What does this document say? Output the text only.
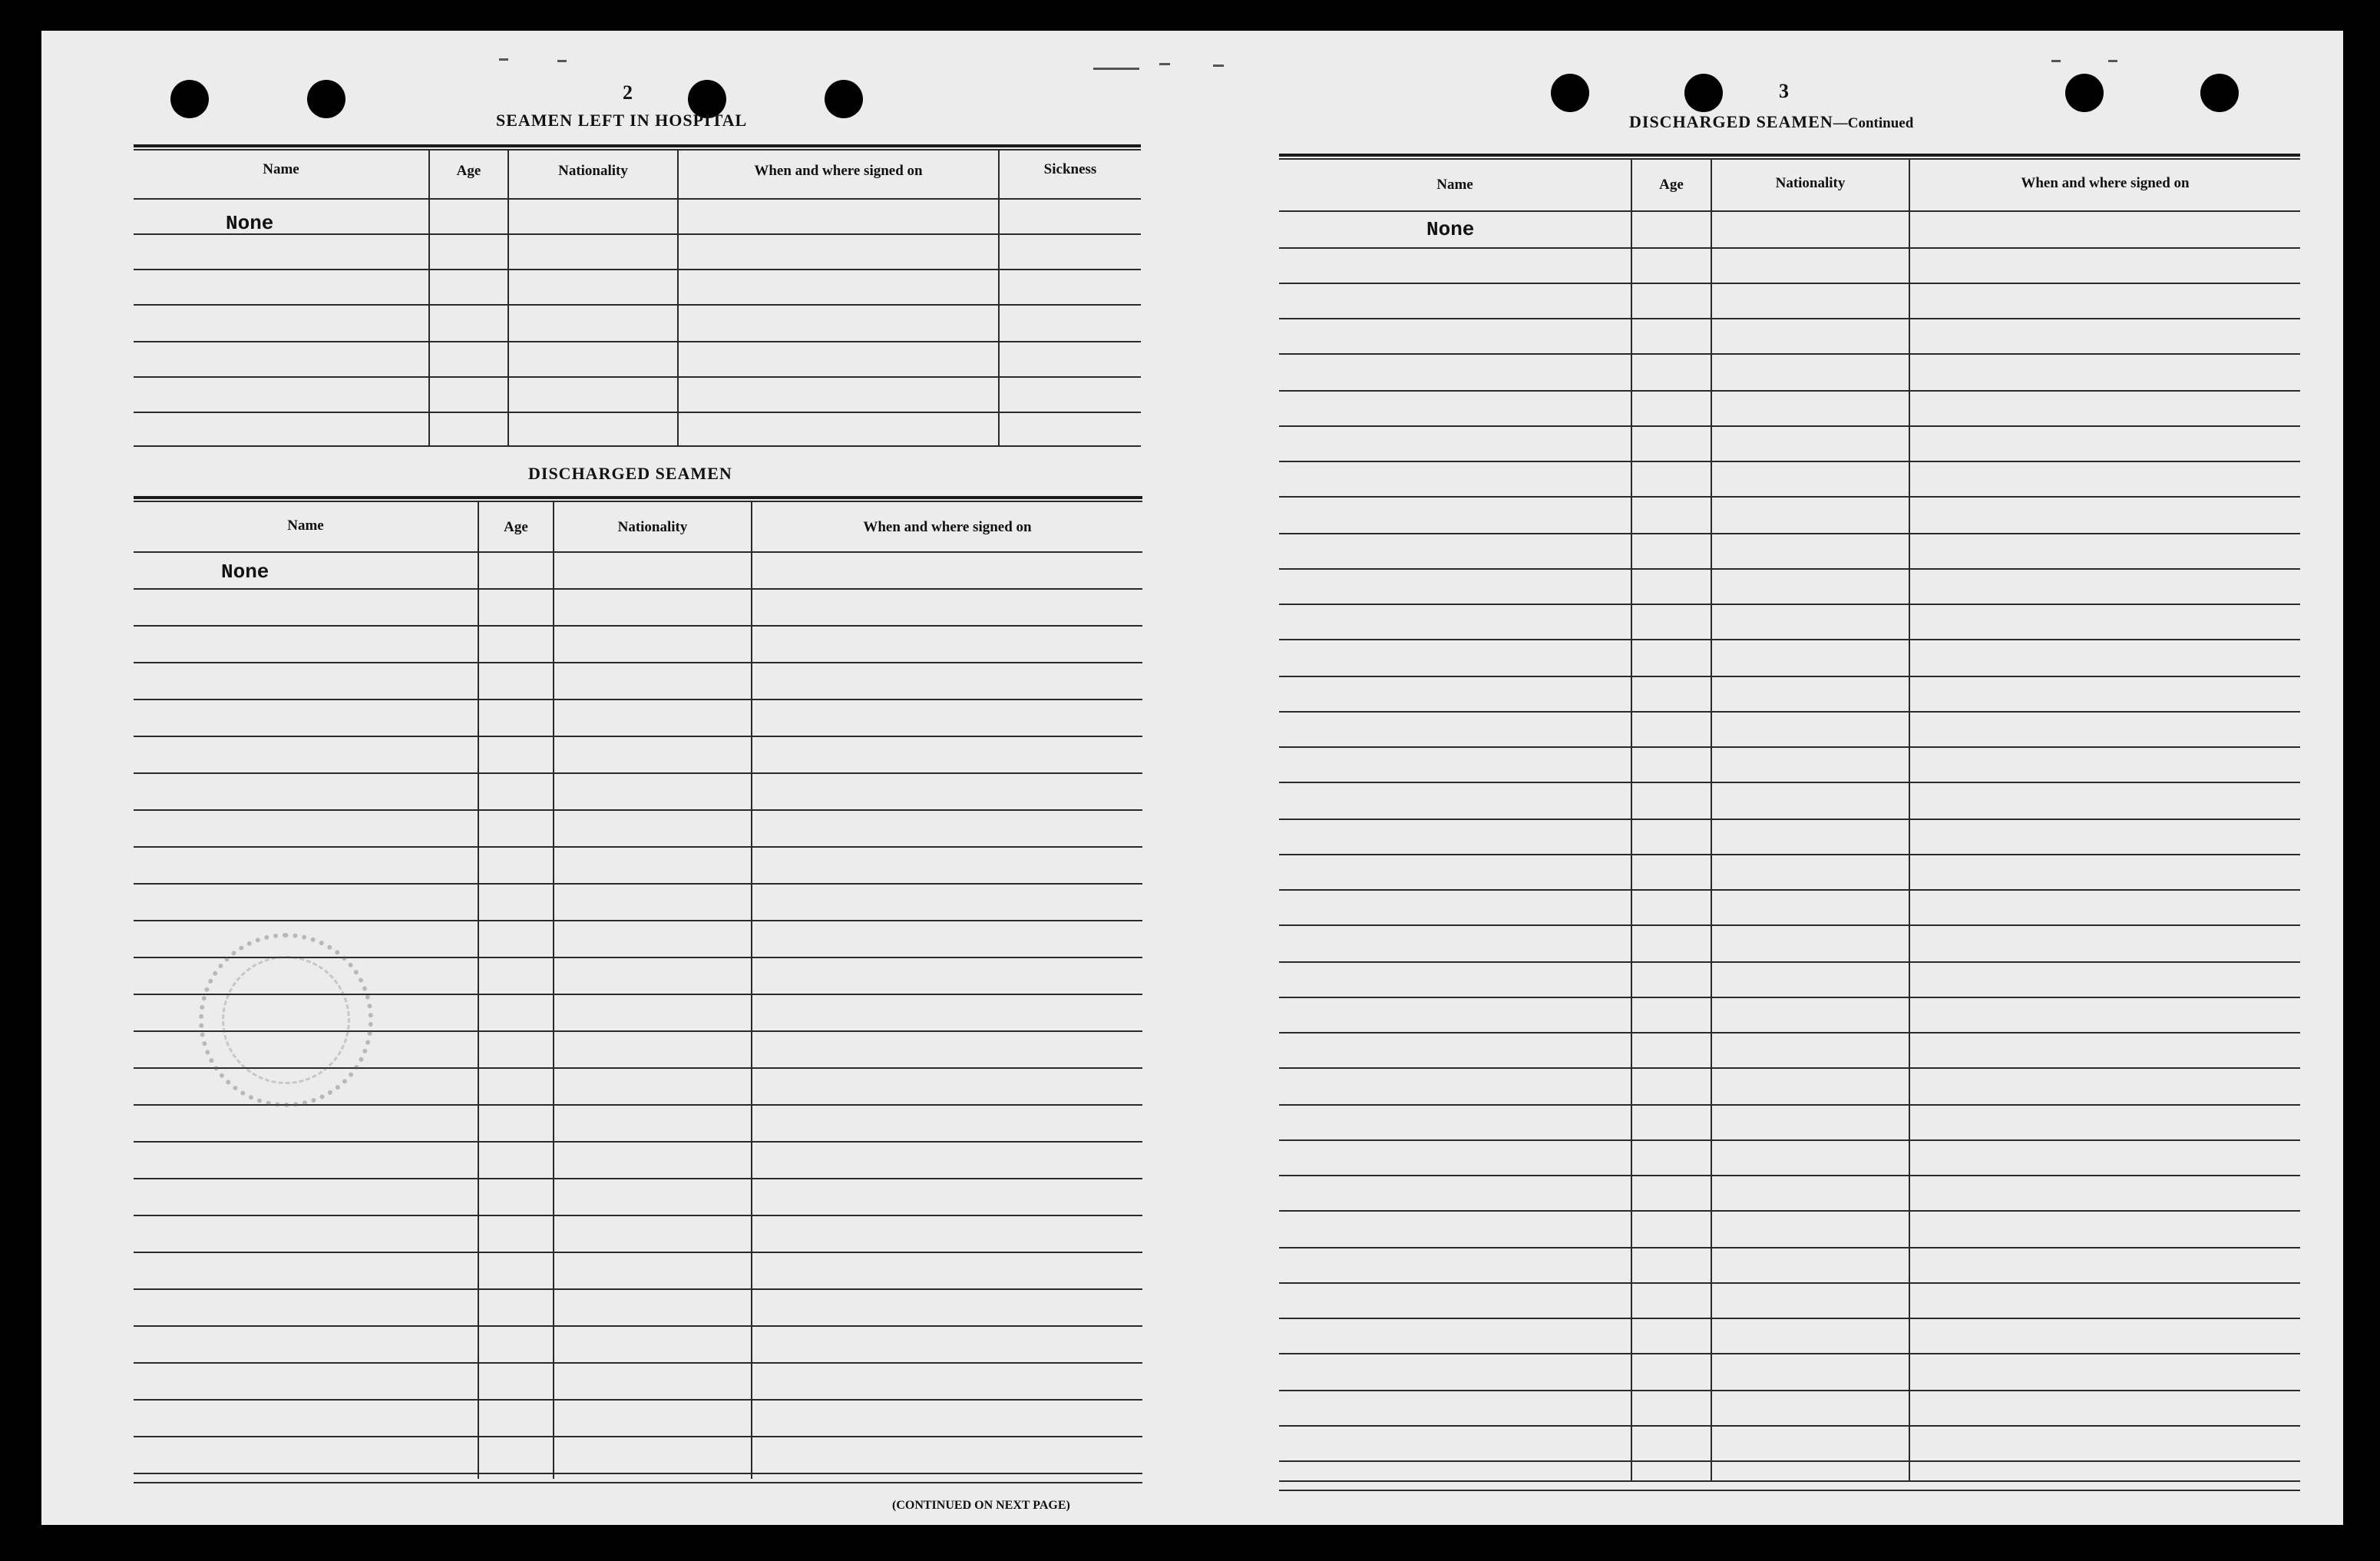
2
SEAMEN LEFT IN HOSPITAL
Name	Age	Nationality	When and where signed on	Sickness
None
DISCHARGED SEAMEN
Name	Age	Nationality	When and where signed on
None
(CONTINUED ON NEXT PAGE)
3
DISCHARGED SEAMEN—Continued
Name	Age	Nationality	When and where signed on
None
